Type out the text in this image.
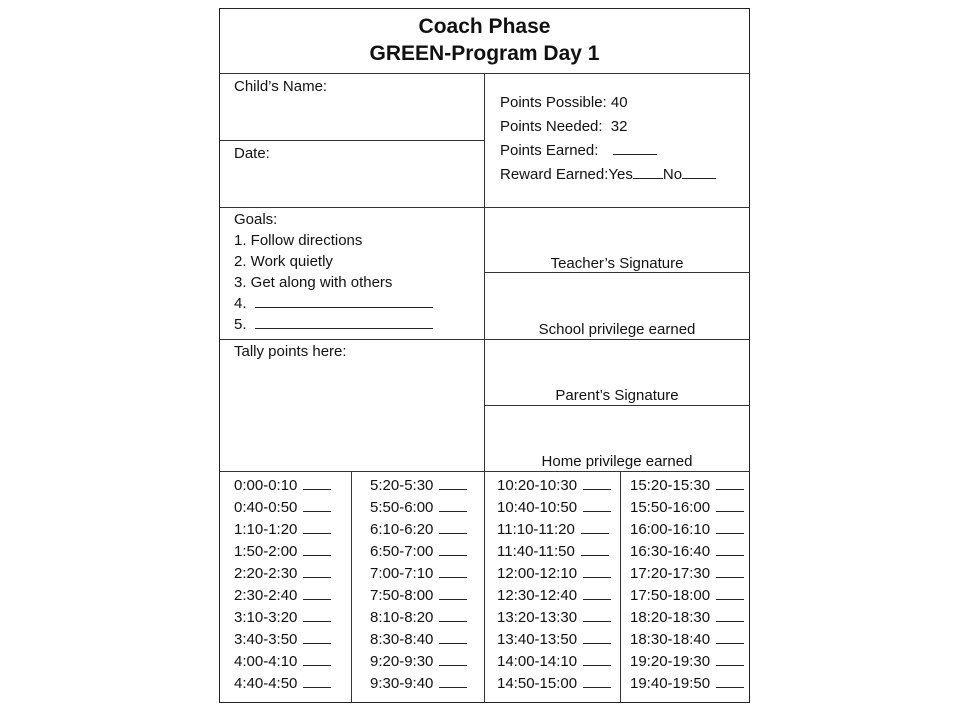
Coach Phase
GREEN-Program Day 1
Child’s Name:
Date:
Points Possible: 40
Points Needed: 32
Points Earned:
Reward Earned:Yes No
Goals:
1. Follow directions
2. Work quietly
3. Get along with others
4.
5.
Teacher’s Signature
School privilege earned
Parent’s Signature
Home privilege earned
Tally points here:
0:00-0:10
0:40-0:50
1:10-1:20
1:50-2:00
2:20-2:30
2:30-2:40
3:10-3:20
3:40-3:50
4:00-4:10
4:40-4:50
5:20-5:30
5:50-6:00
6:10-6:20
6:50-7:00
7:00-7:10
7:50-8:00
8:10-8:20
8:30-8:40
9:20-9:30
9:30-9:40
10:20-10:30
10:40-10:50
11:10-11:20
11:40-11:50
12:00-12:10
12:30-12:40
13:20-13:30
13:40-13:50
14:00-14:10
14:50-15:00
15:20-15:30
15:50-16:00
16:00-16:10
16:30-16:40
17:20-17:30
17:50-18:00
18:20-18:30
18:30-18:40
19:20-19:30
19:40-19:50
